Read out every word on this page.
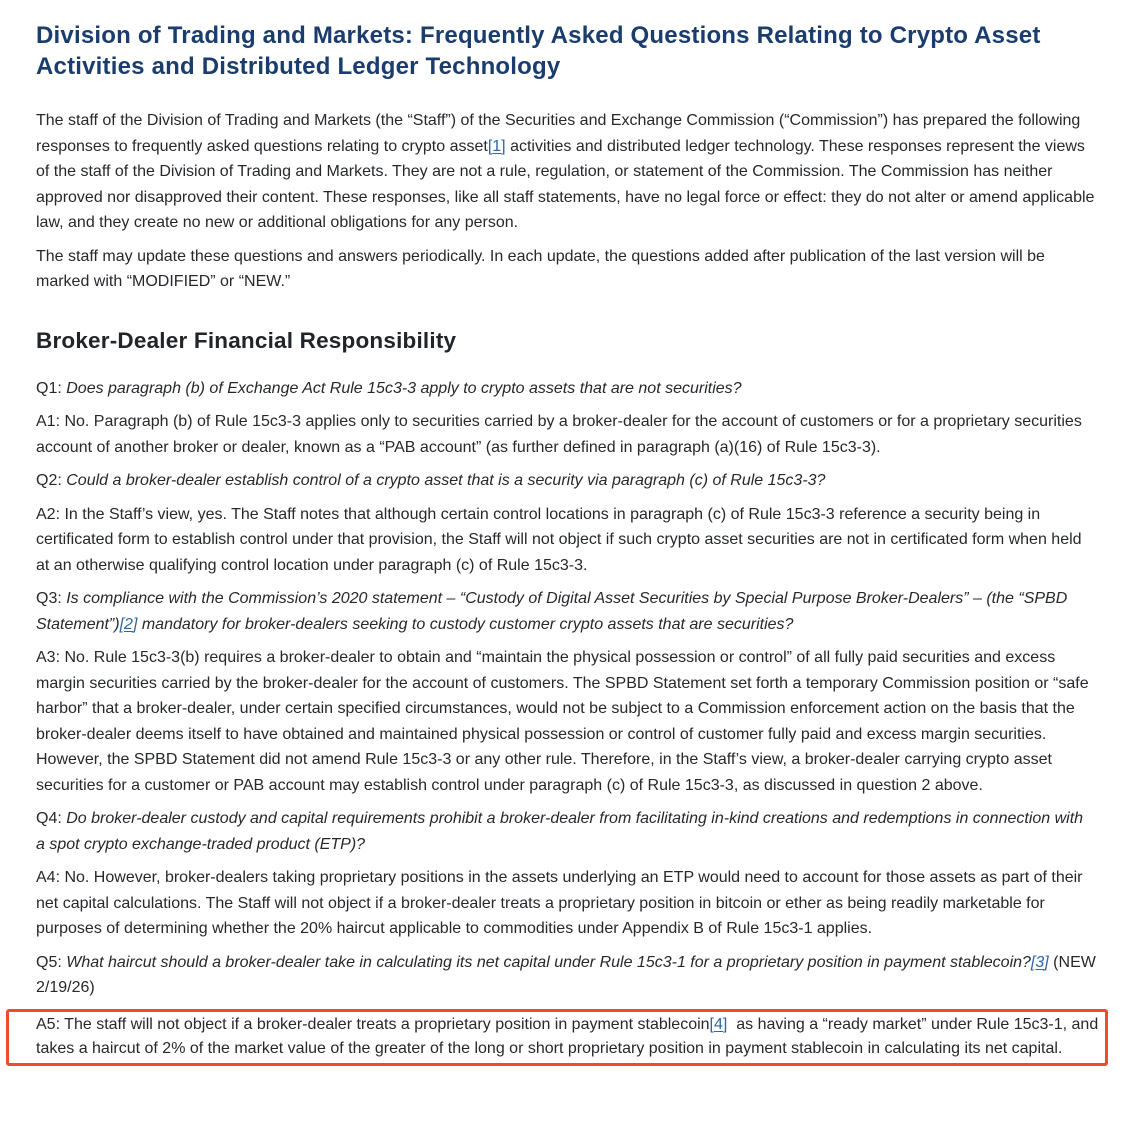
Division of Trading and Markets: Frequently Asked Questions Relating to Crypto Asset Activities and Distributed Ledger Technology

The staff of the Division of Trading and Markets (the “Staff”) of the Securities and Exchange Commission (“Commission”) has prepared the following responses to frequently asked questions relating to crypto asset[1] activities and distributed ledger technology. These responses represent the views of the staff of the Division of Trading and Markets. They are not a rule, regulation, or statement of the Commission. The Commission has neither approved nor disapproved their content. These responses, like all staff statements, have no legal force or effect: they do not alter or amend applicable law, and they create no new or additional obligations for any person.

The staff may update these questions and answers periodically. In each update, the questions added after publication of the last version will be marked with “MODIFIED” or “NEW.”

Broker-Dealer Financial Responsibility

Q1: Does paragraph (b) of Exchange Act Rule 15c3-3 apply to crypto assets that are not securities?

A1: No. Paragraph (b) of Rule 15c3-3 applies only to securities carried by a broker-dealer for the account of customers or for a proprietary securities account of another broker or dealer, known as a “PAB account” (as further defined in paragraph (a)(16) of Rule 15c3-3).

Q2: Could a broker-dealer establish control of a crypto asset that is a security via paragraph (c) of Rule 15c3-3?

A2: In the Staff’s view, yes. The Staff notes that although certain control locations in paragraph (c) of Rule 15c3-3 reference a security being in certificated form to establish control under that provision, the Staff will not object if such crypto asset securities are not in certificated form when held at an otherwise qualifying control location under paragraph (c) of Rule 15c3-3.

Q3: Is compliance with the Commission’s 2020 statement – “Custody of Digital Asset Securities by Special Purpose Broker-Dealers” – (the “SPBD Statement”)[2] mandatory for broker-dealers seeking to custody customer crypto assets that are securities?

A3: No. Rule 15c3-3(b) requires a broker-dealer to obtain and “maintain the physical possession or control” of all fully paid securities and excess margin securities carried by the broker-dealer for the account of customers. The SPBD Statement set forth a temporary Commission position or “safe harbor” that a broker-dealer, under certain specified circumstances, would not be subject to a Commission enforcement action on the basis that the broker-dealer deems itself to have obtained and maintained physical possession or control of customer fully paid and excess margin securities. However, the SPBD Statement did not amend Rule 15c3-3 or any other rule. Therefore, in the Staff’s view, a broker-dealer carrying crypto asset securities for a customer or PAB account may establish control under paragraph (c) of Rule 15c3-3, as discussed in question 2 above.

Q4: Do broker-dealer custody and capital requirements prohibit a broker-dealer from facilitating in-kind creations and redemptions in connection with a spot crypto exchange-traded product (ETP)?

A4: No. However, broker-dealers taking proprietary positions in the assets underlying an ETP would need to account for those assets as part of their net capital calculations. The Staff will not object if a broker-dealer treats a proprietary position in bitcoin or ether as being readily marketable for purposes of determining whether the 20% haircut applicable to commodities under Appendix B of Rule 15c3-1 applies.

Q5: What haircut should a broker-dealer take in calculating its net capital under Rule 15c3-1 for a proprietary position in payment stablecoin?[3] (NEW 2/19/26)

A5: The staff will not object if a broker-dealer treats a proprietary position in payment stablecoin[4]  as having a “ready market” under Rule 15c3-1, and takes a haircut of 2% of the market value of the greater of the long or short proprietary position in payment stablecoin in calculating its net capital.
